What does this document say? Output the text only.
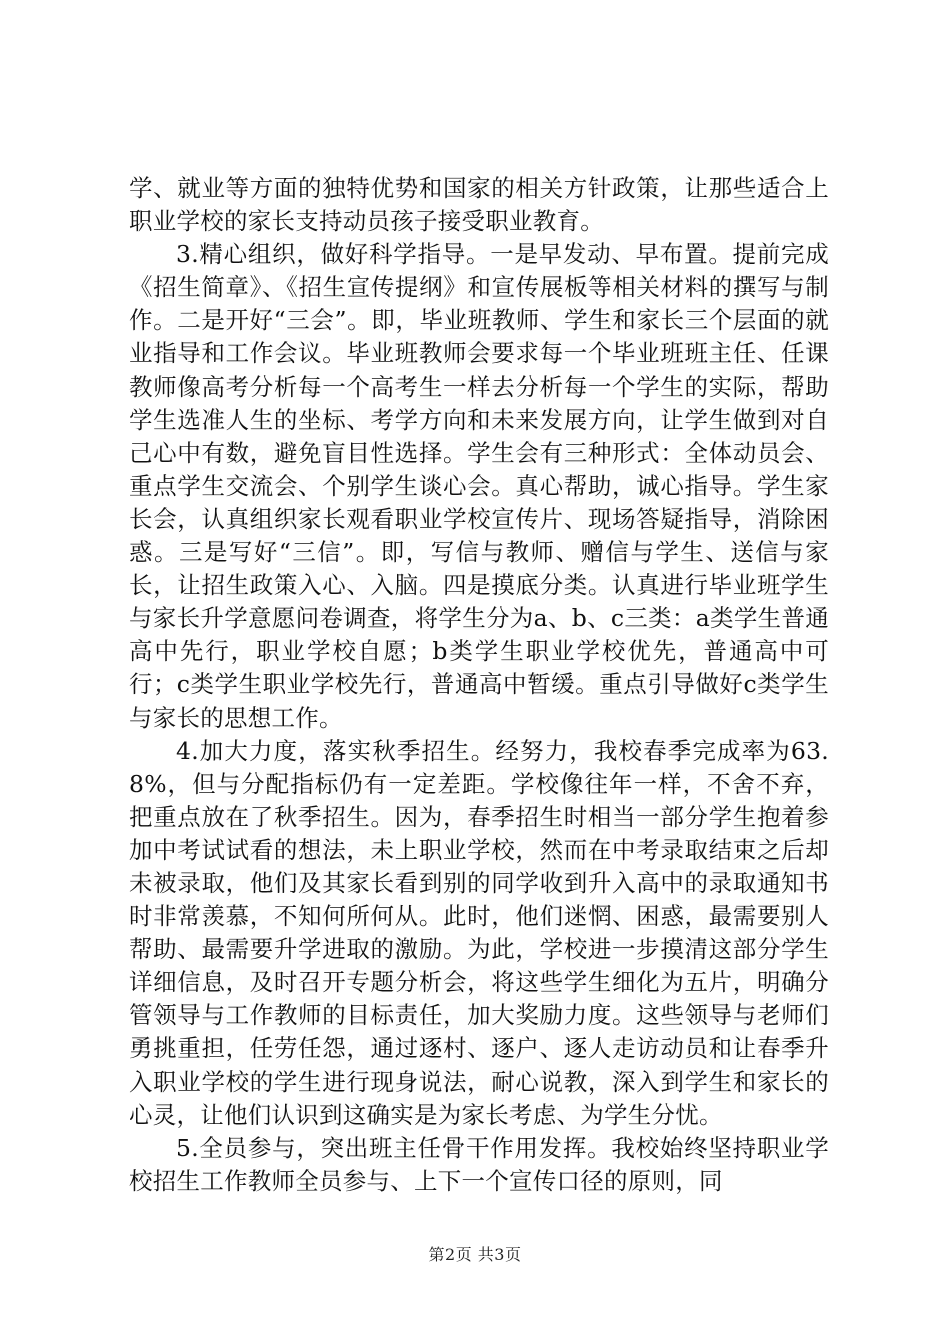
学、就业等方面的独特优势和国家的相关方针政策，让那些适合上职业学校的家长支持动员孩子接受职业教育。

3.精心组织，做好科学指导。一是早发动、早布置。提前完成《招生简章》、《招生宣传提纲》和宣传展板等相关材料的撰写与制作。二是开好“三会”。即，毕业班教师、学生和家长三个层面的就业指导和工作会议。毕业班教师会要求每一个毕业班班主任、任课教师像高考分析每一个高考生一样去分析每一个学生的实际，帮助学生选准人生的坐标、考学方向和未来发展方向，让学生做到对自己心中有数，避免盲目性选择。学生会有三种形式：全体动员会、重点学生交流会、个别学生谈心会。真心帮助，诚心指导。学生家长会，认真组织家长观看职业学校宣传片、现场答疑指导，消除困惑。三是写好“三信”。即，写信与教师、赠信与学生、送信与家长，让招生政策入心、入脑。四是摸底分类。认真进行毕业班学生与家长升学意愿问卷调查，将学生分为a、b、c三类：a类学生普通高中先行，职业学校自愿；b类学生职业学校优先，普通高中可行；c类学生职业学校先行，普通高中暂缓。重点引导做好c类学生与家长的思想工作。

4.加大力度，落实秋季招生。经努力，我校春季完成率为63.8%，但与分配指标仍有一定差距。学校像往年一样，不舍不弃，把重点放在了秋季招生。因为，春季招生时相当一部分学生抱着参加中考试试看的想法，未上职业学校，然而在中考录取结束之后却未被录取，他们及其家长看到别的同学收到升入高中的录取通知书时非常羡慕，不知何所何从。此时，他们迷惘、困惑，最需要别人帮助、最需要升学进取的激励。为此，学校进一步摸清这部分学生详细信息，及时召开专题分析会，将这些学生细化为五片，明确分管领导与工作教师的目标责任，加大奖励力度。这些领导与老师们勇挑重担，任劳任怨，通过逐村、逐户、逐人走访动员和让春季升入职业学校的学生进行现身说法，耐心说教，深入到学生和家长的心灵，让他们认识到这确实是为家长考虑、为学生分忧。

5.全员参与，突出班主任骨干作用发挥。我校始终坚持职业学校招生工作教师全员参与、上下一个宣传口径的原则，同

第2页 共3页
